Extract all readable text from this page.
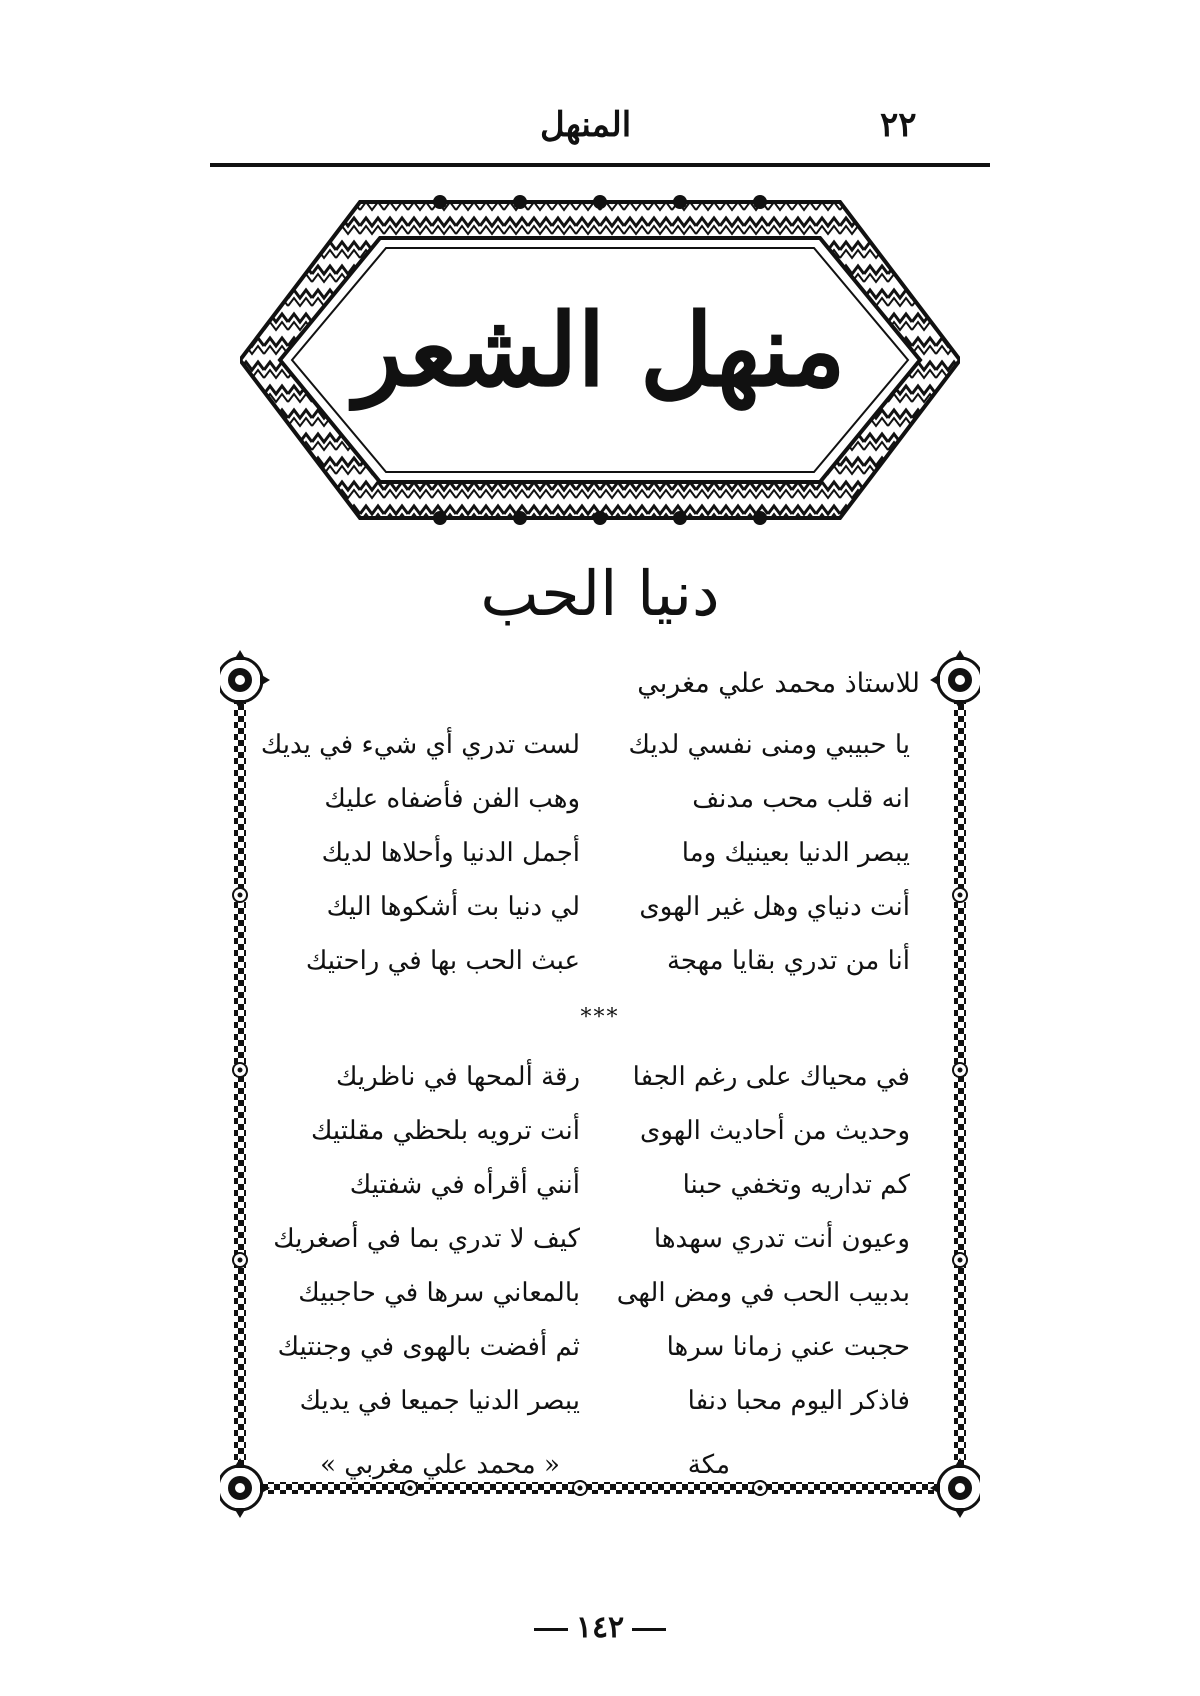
٢٢
المنهل
منهل الشعر
دنيا الحب
للاستاذ محمد علي مغربي
يا حبيبي ومنى نفسي لديك
لست تدري أي شيء في يديك
انه قلب محب مدنف
وهب الفن فأضفاه عليك
يبصر الدنيا بعينيك وما
أجمل الدنيا وأحلاها لديك
أنت دنياي وهل غير الهوى
لي دنيا بت أشكوها اليك
أنا من تدري بقايا مهجة
عبث الحب بها في راحتيك
***
في محياك على رغم الجفا
رقة ألمحها في ناظريك
وحديث من أحاديث الهوى
أنت ترويه بلحظي مقلتيك
كم تداريه وتخفي حبنا
أنني أقرأه في شفتيك
وعيون أنت تدري سهدها
كيف لا تدري بما في أصغريك
بدبيب الحب في ومض الهى
بالمعاني سرها في حاجبيك
حجبت عني زمانا سرها
ثم أفضت بالهوى في وجنتيك
فاذكر اليوم محبا دنفا
يبصر الدنيا جميعا في يديك
مكة
« محمد علي مغربي »
١٤٢
